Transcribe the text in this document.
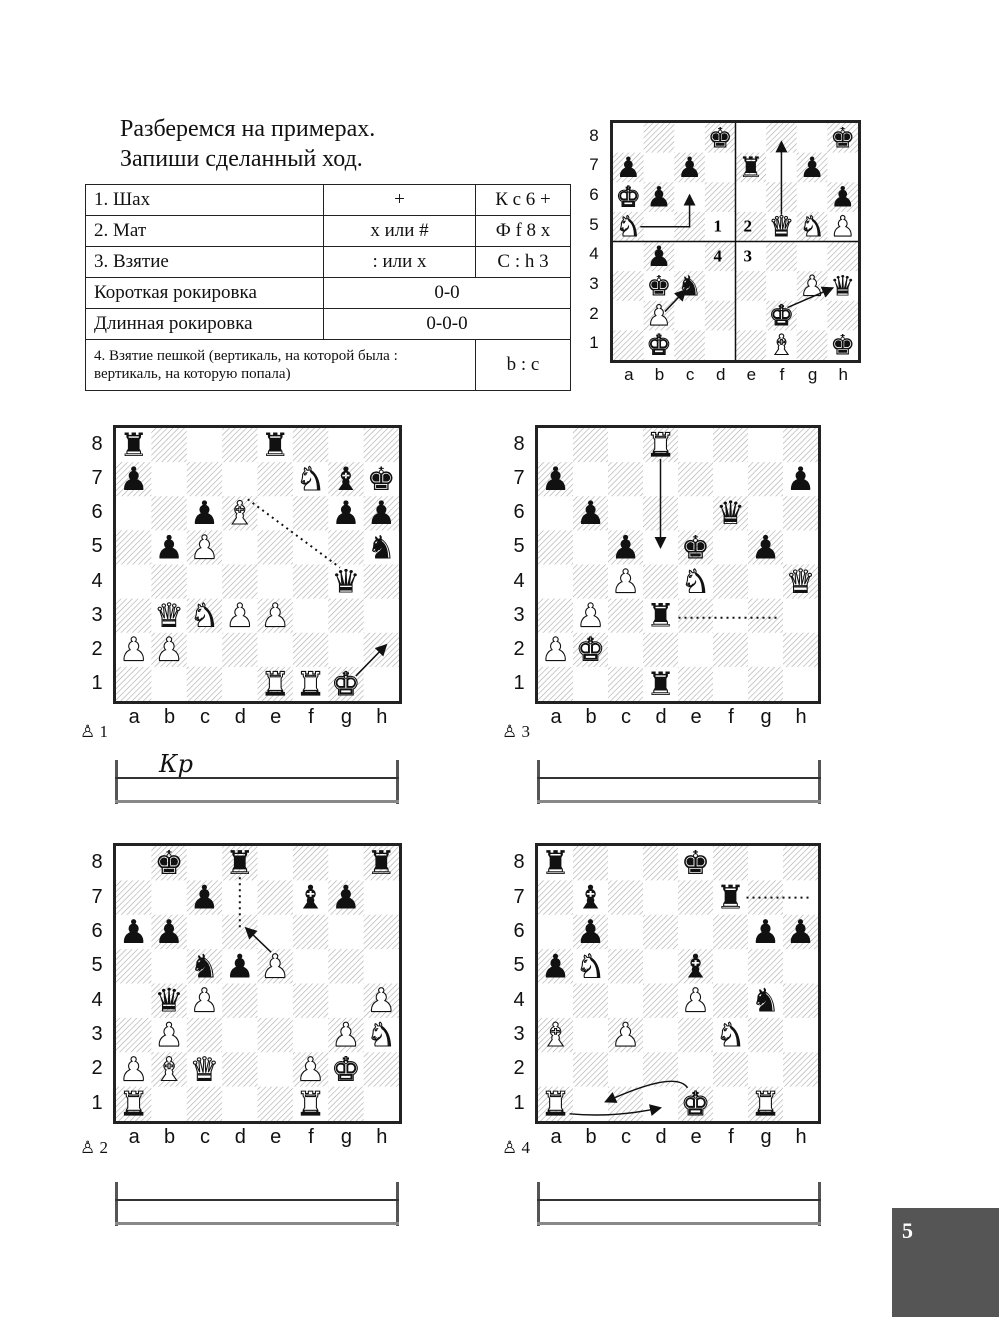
Разберемся на примерах.
Запиши сделанный ход.
1. Шах	+	К с 6 +
2. Мат	х или #	Ф f 8 х
3. Взятие	: или х	С : h 3
Короткая рокировка	0-0	
Длинная рокировка	0-0-0	
4. Взятие пешкой (вертикаль, на которой была : вертикаль, на которую попала)		b : c
1 2
3
4
♚	♚
♟ ♟ ♜ ♟
♚ ♟	♟
♞	♛ ♞ ♟
♟
♚ ♞	♟ ♛
♟	♚
♚	♝ ♚
♜	♜
♟	♞ ♝ ♚
♟ ♝ ♟ ♟
♟ ♟	♞
♛
♛ ♞ ♟ ♟
♟ ♟
♜ ♜ ♚
♜
♟	♟
♟	♛
♟ ♚ ♟
♟ ♞ ♛
♟ ♜
♟ ♚
♜
♚ ♜	♜
♟ ♝ ♟
♟ ♟
♞ ♟ ♟
♛ ♟	♟
♟	♟ ♞
♟ ♝ ♛ ♟ ♚
♜	♜
♜	♚
♝	♜
♟	♟ ♟
♟ ♞ ♝
♟ ♞
♝ ♟ ♞
♚
♜	♜
♙ 1	♙ 3
♙ 2	♙ 4
Кр
5
8
7
6
5
4
3
2
1
a	b	c	d	e	f	g	h
8
7
6
5
4
3
2
1
a	b	c	d	e	f	g	h
8
7
6
5
4
3
2
1
a	b	c	d	e	f	g	h
8
7
6
5
4
3
2
1
a	b	c	d	e	f	g	h
8
7
6
5
4
3
2
1
a	b	c	d	e	f	g	h
